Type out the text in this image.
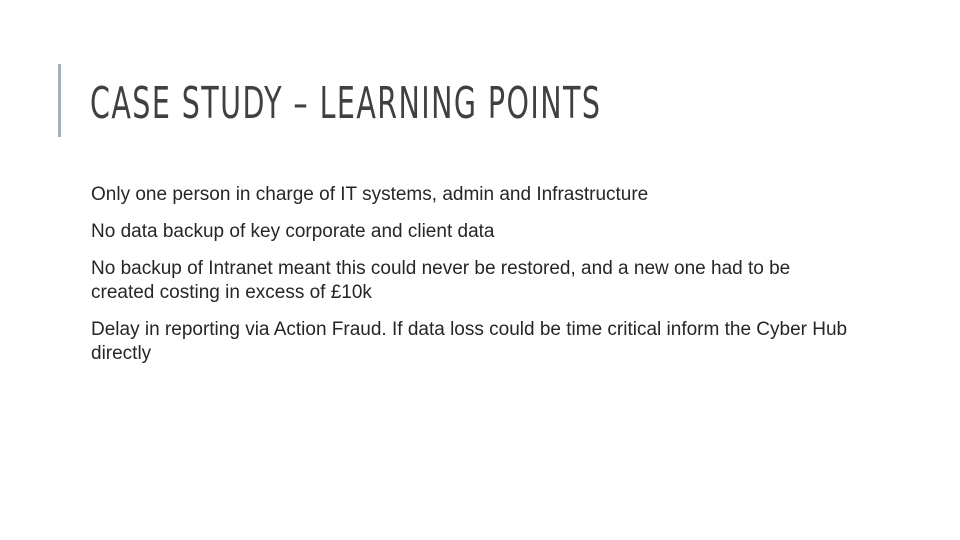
CASE STUDY – LEARNING POINTS
Only one person in charge of IT systems, admin and Infrastructure
No data backup of key corporate and client data
No backup of Intranet meant this could never be restored, and a new one had to be created costing in excess of £10k
Delay in reporting via Action Fraud. If data loss could be time critical inform the Cyber Hub directly
